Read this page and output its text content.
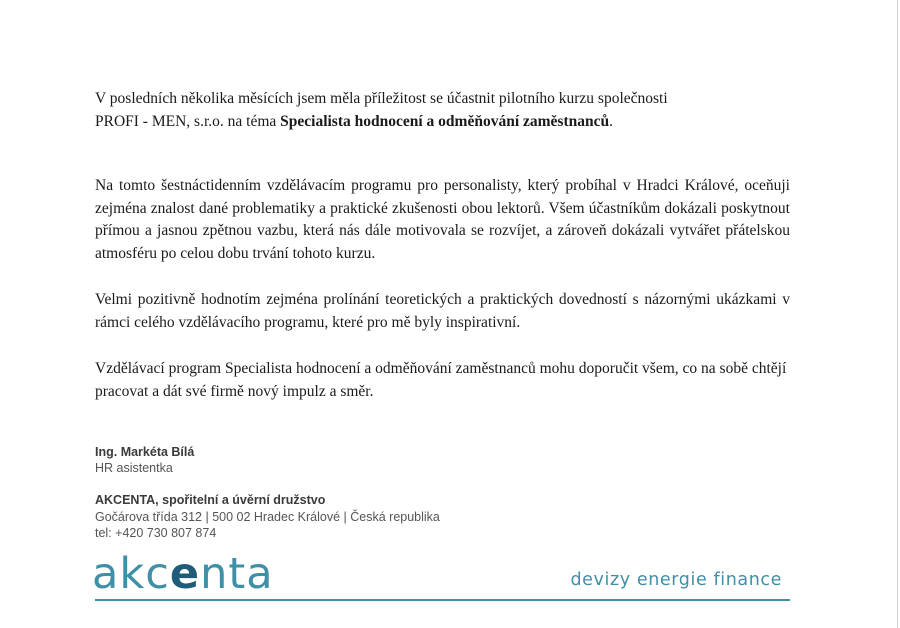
V posledních několika měsících jsem měla příležitost se účastnit pilotního kurzu společnosti
PROFI - MEN, s.r.o. na téma Specialista hodnocení a odměňování zaměstnanců.

Na tomto šestnáctidenním vzdělávacím programu pro personalisty, který probíhal v Hradci Králové, oceňuji zejména znalost dané problematiky a praktické zkušenosti obou lektorů. Všem účastníkům dokázali poskytnout přímou a jasnou zpětnou vazbu, která nás dále motivovala se rozvíjet, a zároveň dokázali vytvářet přátelskou atmosféru po celou dobu trvání tohoto kurzu.

Velmi pozitivně hodnotím zejména prolínání teoretických a praktických dovedností s názornými ukázkami v rámci celého vzdělávacího programu, které pro mě byly inspirativní.

Vzdělávací program Specialista hodnocení a odměňování zaměstnanců mohu doporučit všem, co na sobě chtějí pracovat a dát své firmě nový impulz a směr.

Ing. Markéta Bílá
HR asistentka
AKCENTA, spořitelní a úvěrní družstvo
Gočárova třída 312 | 500 02 Hradec Králové | Česká republika
tel: +420 730 807 874
akcenta	devizy energie finance
